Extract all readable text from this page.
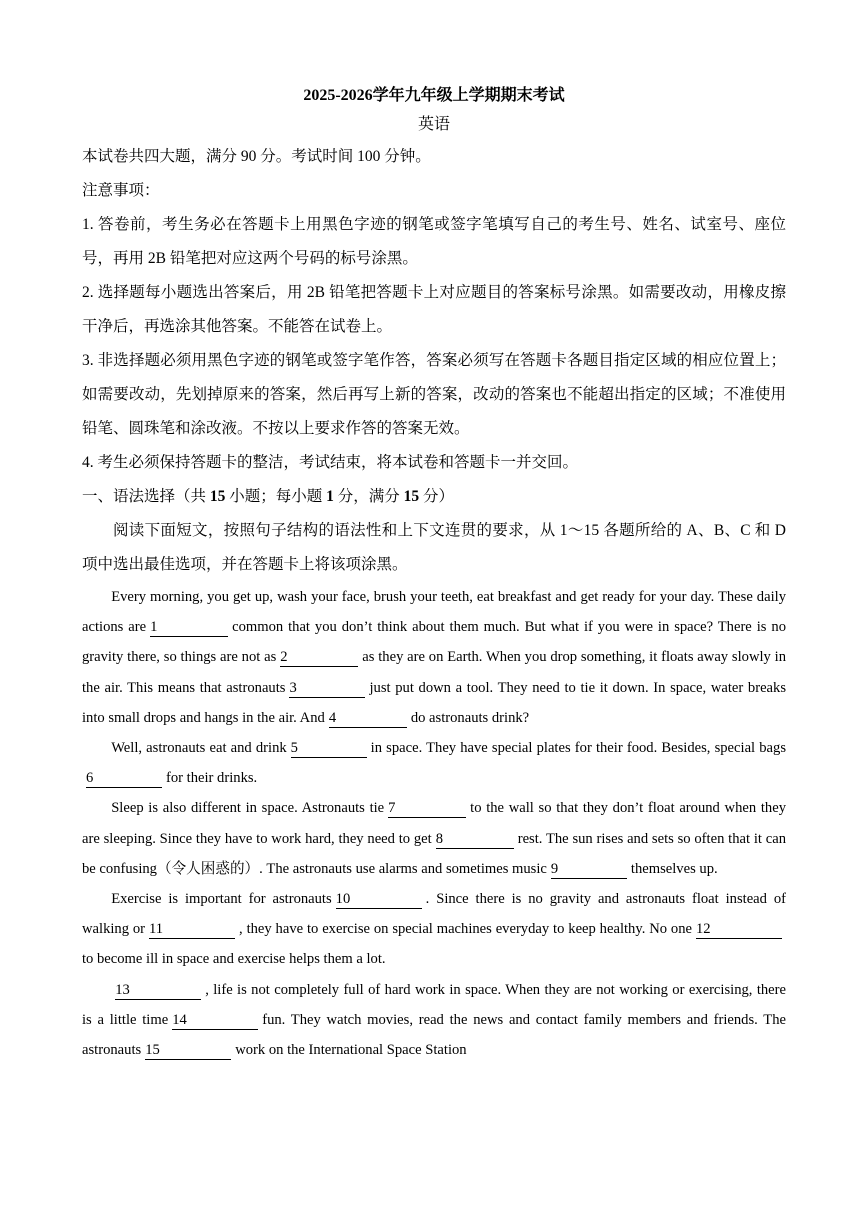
2025-2026学年九年级上学期期末考试

英语

本试卷共四大题，满分 90 分。考试时间 100 分钟。

注意事项：

1. 答卷前，考生务必在答题卡上用黑色字迹的钢笔或签字笔填写自己的考生号、姓名、试室号、座位号，再用 2B 铅笔把对应这两个号码的标号涂黑。

2. 选择题每小题选出答案后，用 2B 铅笔把答题卡上对应题目的答案标号涂黑。如需要改动，用橡皮擦干净后，再选涂其他答案。不能答在试卷上。

3. 非选择题必须用黑色字迹的钢笔或签字笔作答，答案必须写在答题卡各题目指定区域的相应位置上；如需要改动，先划掉原来的答案，然后再写上新的答案，改动的答案也不能超出指定的区域；不准使用铅笔、圆珠笔和涂改液。不按以上要求作答的答案无效。

4. 考生必须保持答题卡的整洁，考试结束，将本试卷和答题卡一并交回。

一、语法选择（共 15 小题；每小题 1 分，满分 15 分）

阅读下面短文，按照句子结构的语法性和上下文连贯的要求，从 1～15 各题所给的 A、B、C 和 D 项中选出最佳选项，并在答题卡上将该项涂黑。

Every morning, you get up, wash your face, brush your teeth, eat breakfast and get ready for your day. These daily actions are 1	common that you don’t think about them much. But what if you were in space? There is no gravity there, so things are not as 2	as they are on Earth. When you drop something, it floats away slowly in the air. This means that astronauts 3	just put down a tool. They need to tie it down. In space, water breaks into small drops and hangs in the air. And 4	do astronauts drink?

Well, astronauts eat and drink 5	in space. They have special plates for their food. Besides, special bags6	for their drinks.

Sleep is also different in space. Astronauts tie 7	to the wall so that they don’t float around when they are sleeping. Since they have to work hard, they need to get 8	rest. The sun rises and sets so often that it can be confusing（令人困惑的）. The astronauts use alarms and sometimes music 9	themselves up.

Exercise is important for astronauts 10	. Since there is no gravity and astronauts float instead of walking or 11	, they have to exercise on special machines everyday to keep healthy. No one 12to become ill in space and exercise helps them a lot.

13	, life is not completely full of hard work in space. When they are not working or exercising, there is a little time 14	fun. They watch movies, read the news and contact family members and friends. The astronauts 15	work on the International Space Station
